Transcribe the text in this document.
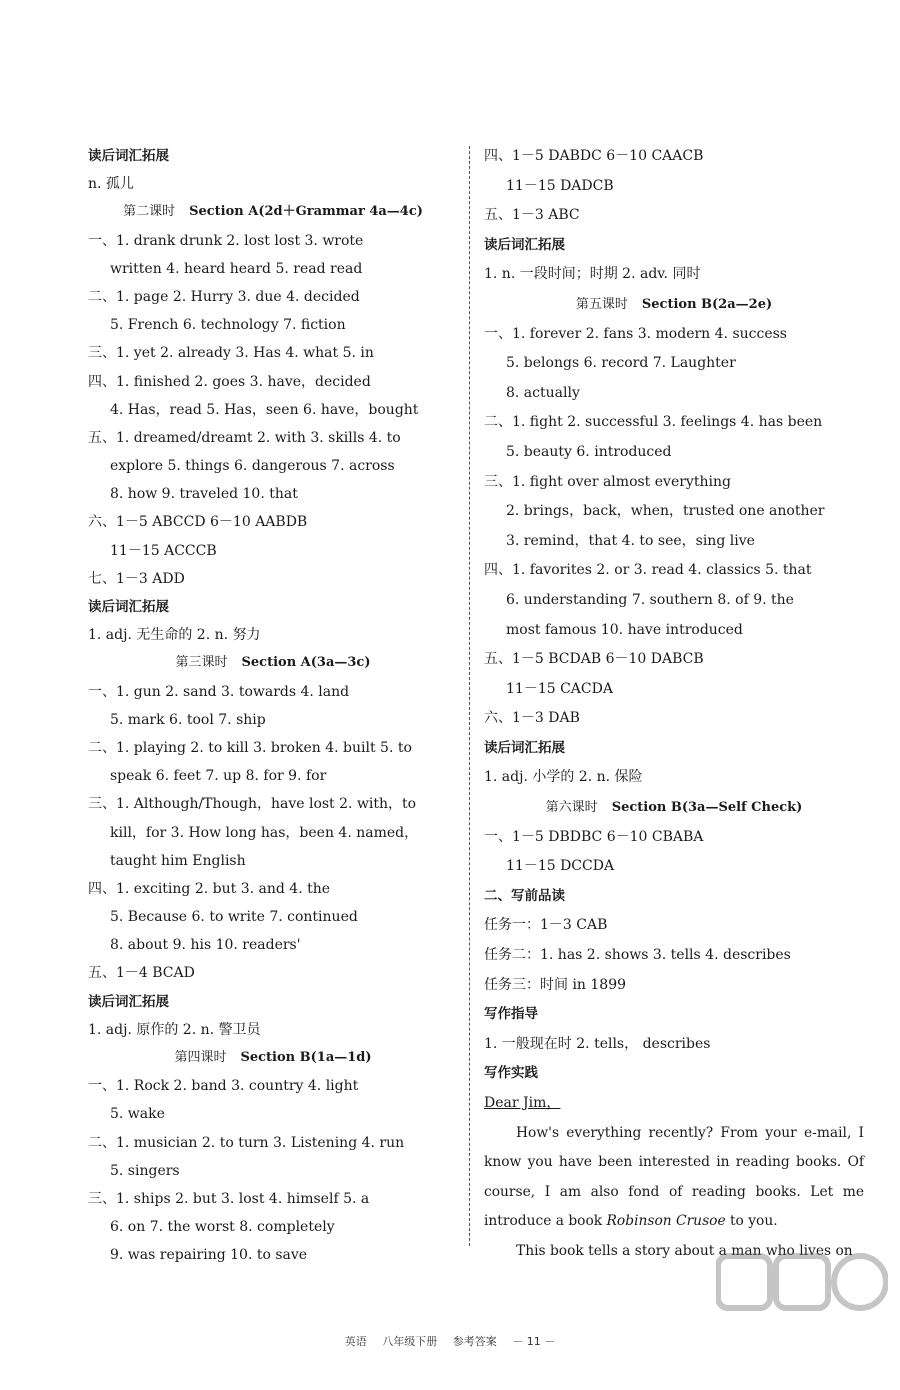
读后词汇拓展
n. 孤儿
第二课时 Section A(2d＋Grammar 4a—4c)
一、1. drank drunk 2. lost lost 3. wrote
written 4. heard heard 5. read read
二、1. page 2. Hurry 3. due 4. decided
5. French 6. technology 7. fiction
三、1. yet 2. already 3. Has 4. what 5. in
四、1. finished 2. goes 3. have，decided
4. Has，read 5. Has，seen 6. have，bought
五、1. dreamed/dreamt 2. with 3. skills 4. to
explore 5. things 6. dangerous 7. across
8. how 9. traveled 10. that
六、1－5 ABCCD 6－10 AABDB
11－15 ACCCB
七、1－3 ADD
读后词汇拓展
1. adj. 无生命的 2. n. 努力
第三课时 Section A(3a—3c)
一、1. gun 2. sand 3. towards 4. land
5. mark 6. tool 7. ship
二、1. playing 2. to kill 3. broken 4. built 5. to
speak 6. feet 7. up 8. for 9. for
三、1. Although/Though，have lost 2. with，to
kill，for 3. How long has，been 4. named，
taught him English
四、1. exciting 2. but 3. and 4. the
5. Because 6. to write 7. continued
8. about 9. his 10. readers'
五、1－4 BCAD
读后词汇拓展
1. adj. 原作的 2. n. 警卫员
第四课时 Section B(1a—1d)
一、1. Rock 2. band 3. country 4. light
5. wake
二、1. musician 2. to turn 3. Listening 4. run
5. singers
三、1. ships 2. but 3. lost 4. himself 5. a
6. on 7. the worst 8. completely
9. was repairing 10. to save
四、1－5 DABDC 6－10 CAACB
11－15 DADCB
五、1－3 ABC
读后词汇拓展
1. n. 一段时间；时期 2. adv. 同时
第五课时 Section B(2a—2e)
一、1. forever 2. fans 3. modern 4. success
5. belongs 6. record 7. Laughter
8. actually
二、1. fight 2. successful 3. feelings 4. has been
5. beauty 6. introduced
三、1. fight over almost everything
2. brings，back，when，trusted one another
3. remind，that 4. to see，sing live
四、1. favorites 2. or 3. read 4. classics 5. that
6. understanding 7. southern 8. of 9. the
most famous 10. have introduced
五、1－5 BCDAB 6－10 DABCB
11－15 CACDA
六、1－3 DAB
读后词汇拓展
1. adj. 小学的 2. n. 保险
第六课时 Section B(3a—Self Check)
一、1－5 DBDBC 6－10 CBABA
11－15 DCCDA
二、写前品读
任务一：1－3 CAB
任务二：1. has 2. shows 3. tells 4. describes
任务三：时间 in 1899
写作指导
1. 一般现在时 2. tells， describes
写作实践
Dear Jim，

How's everything recently? From your e-mail, I know you have been interested in reading books. Of course, I am also fond of reading books. Let me introduce a book Robinson Crusoe to you.

This book tells a story about a man who lives on

英语 八年级下册 参考答案 － 11 －
